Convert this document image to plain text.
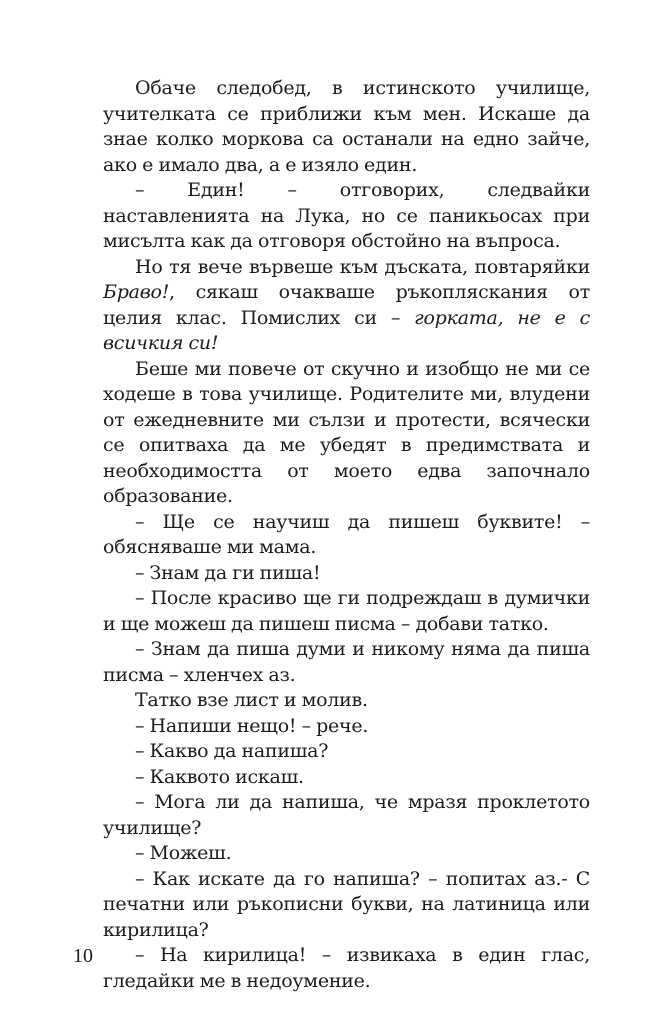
Обаче следобед, в истинското училище, учителката се приближи към мен. Искаше да знае колко моркова са останали на едно зайче, ако е имало два, а е изяло един.

– Един! – отговорих, следвайки наставленията на Лука, но се паникьосах при мисълта как да отговоря обстойно на въпроса.

Но тя вече вървеше към дъската, повтаряйки Браво!, сякаш очакваше ръкопляскания от целия клас. Помислих си – горката, не е с всичкия си!

Беше ми повече от скучно и изобщо не ми се ходеше в това училище. Родителите ми, влудени от ежедневните ми сълзи и протести, всячески се опитваха да ме убедят в предимствата и необходимостта от моето едва започнало образование.

– Ще се научиш да пишеш буквите! – обясняваше ми мама.

– Знам да ги пиша!

– После красиво ще ги подреждаш в думички и ще можеш да пишеш писма – добави татко.

– Знам да пиша думи и никому няма да пиша писма – хленчех аз.

Татко взе лист и молив.

– Напиши нещо! – рече.

– Какво да напиша?

– Каквото искаш.

– Мога ли да напиша, че мразя проклетото училище?

– Можеш.

– Как искате да го напиша? – попитах аз.- С печатни или ръкописни букви, на латиница или кирилица?

– На кирилица! – извикаха в един глас, гледайки ме в недоумение.

10
